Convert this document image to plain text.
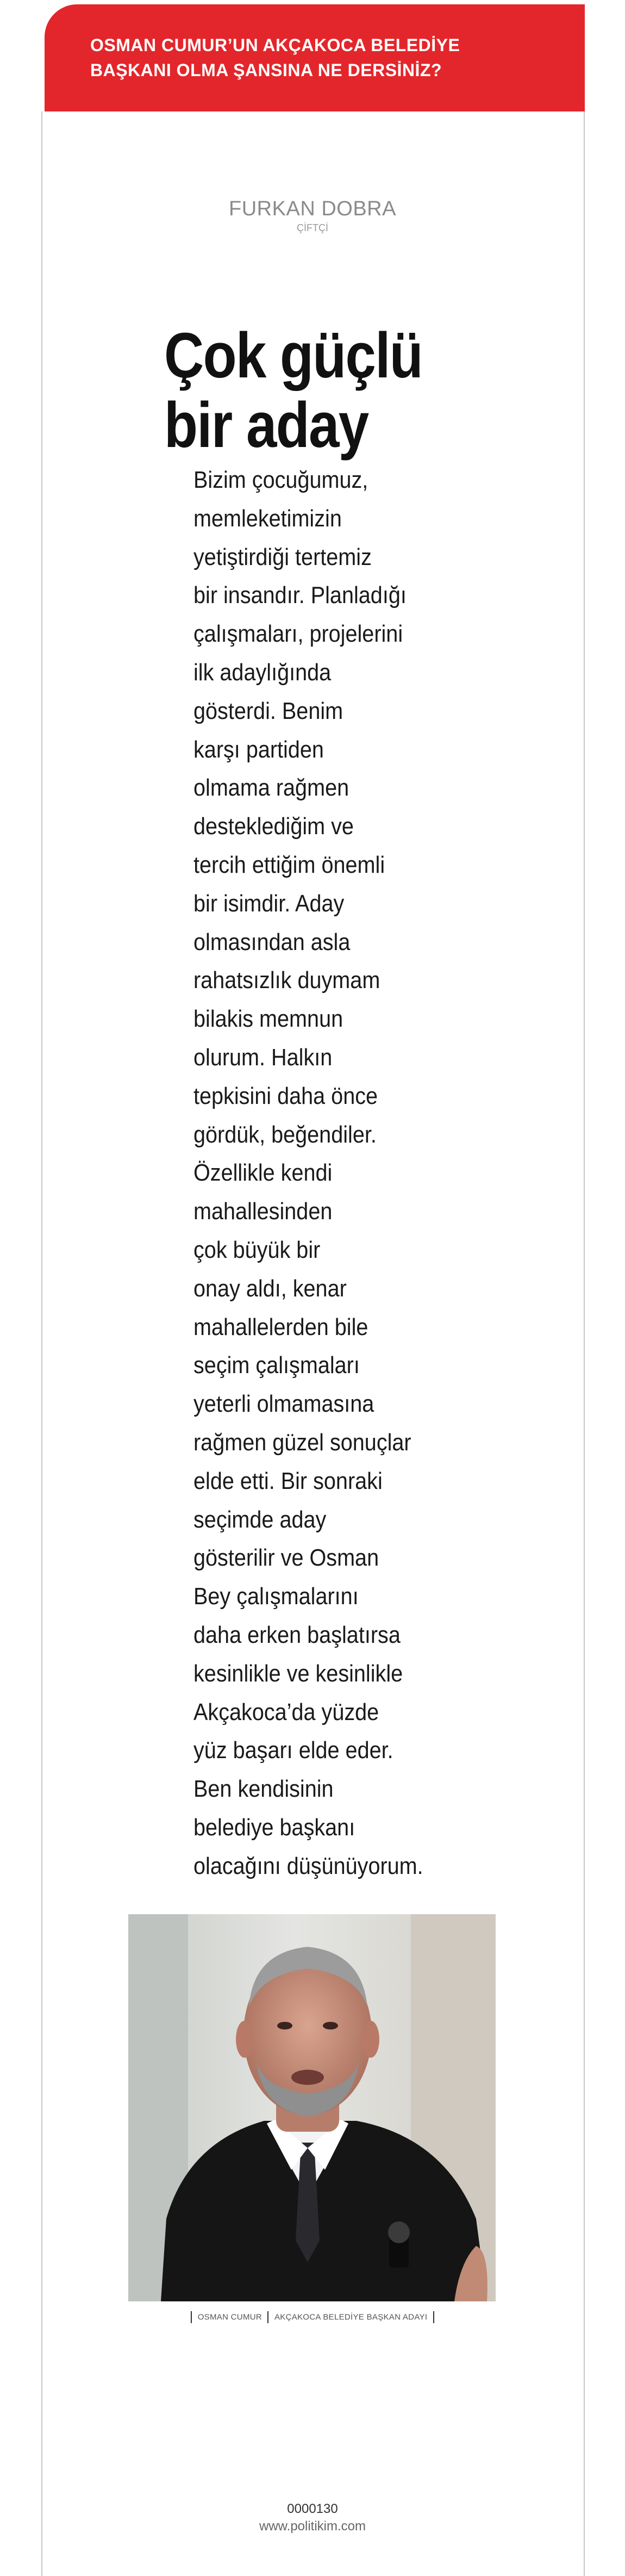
OSMAN CUMUR’UN AKÇAKOCA BELEDİYE
BAŞKANI OLMA ŞANSINA NE DERSİNİZ?

FURKAN DOBRA
ÇİFTÇİ
Çok güçlü
bir aday

Bizim çocuğumuz,
memleketimizin
yetiştirdiği tertemiz
bir insandır. Planladığı
çalışmaları, projelerini
ilk adaylığında
gösterdi. Benim
karşı partiden
olmama rağmen
desteklediğim ve
tercih ettiğim önemli
bir isimdir. Aday
olmasından asla
rahatsızlık duymam
bilakis memnun
olurum. Halkın
tepkisini daha önce
gördük, beğendiler.
Özellikle kendi
mahallesinden
çok büyük bir
onay aldı, kenar
mahallelerden bile
seçim çalışmaları
yeterli olmamasına
rağmen güzel sonuçlar
elde etti. Bir sonraki
seçimde aday
gösterilir ve Osman
Bey çalışmalarını
daha erken başlatırsa
kesinlikle ve kesinlikle
Akçakoca’da yüzde
yüz başarı elde eder.
Ben kendisinin
belediye başkanı
olacağını düşünüyorum.

OSMAN CUMUR AKÇAKOCA BELEDİYE BAŞKAN ADAYI
0000130
www.politikim.com
